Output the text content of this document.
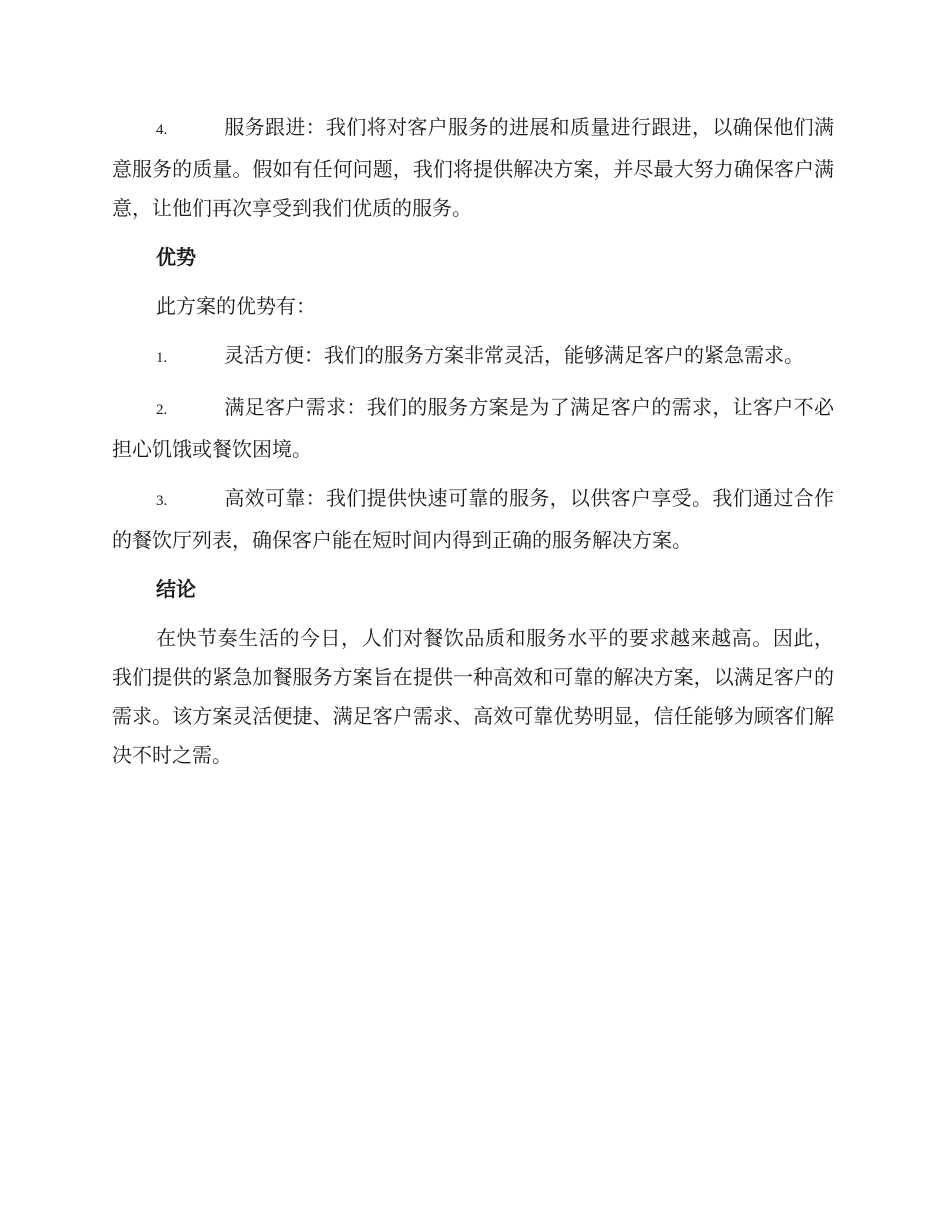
4.	服务跟进：我们将对客户服务的进展和质量进行跟进，以确保他们满意服务的质量。假如有任何问题，我们将提供解决方案，并尽最大努力确保客户满意，让他们再次享受到我们优质的服务。

优势

此方案的优势有：

1.	灵活方便：我们的服务方案非常灵活，能够满足客户的紧急需求。

2.	满足客户需求：我们的服务方案是为了满足客户的需求，让客户不必担心饥饿或餐饮困境。

3.	高效可靠：我们提供快速可靠的服务，以供客户享受。我们通过合作的餐饮厅列表，确保客户能在短时间内得到正确的服务解决方案。

结论

在快节奏生活的今日，人们对餐饮品质和服务水平的要求越来越高。因此，我们提供的紧急加餐服务方案旨在提供一种高效和可靠的解决方案，以满足客户的需求。该方案灵活便捷、满足客户需求、高效可靠优势明显，信任能够为顾客们解决不时之需。
